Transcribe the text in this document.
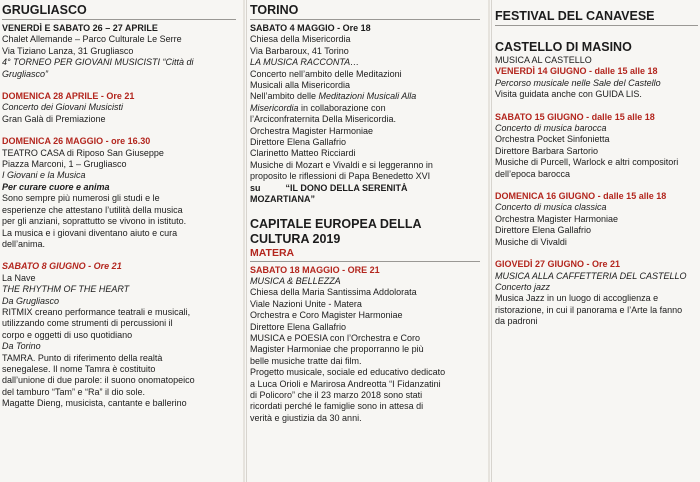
GRUGLIASCO
VENERDÌ E SABATO 26 – 27 APRILE
Chalet Allemande – Parco Culturale Le Serre
Via Tiziano Lanza, 31 Grugliasco
4° TORNEO PER GIOVANI MUSICISTI “Città di
Grugliasco”
DOMENICA 28 APRILE - Ore 21
Concerto dei Giovani Musicisti
Gran Galà di Premiazione
DOMENICA 26 MAGGIO - ore 16.30
TEATRO CASA di Riposo San Giuseppe
Piazza Marconi, 1 – Grugliasco
I Giovani e la Musica
Per curare cuore e anima
Sono sempre più numerosi gli studi e le
esperienze che attestano l’utilità della musica
per gli anziani, soprattutto se vivono in istituto.
La musica e i giovani diventano aiuto e cura
dell’anima.
SABATO 8 GIUGNO - Ore 21
La Nave
THE RHYTHM OF THE HEART
Da Grugliasco
RITMIX creano performance teatrali e musicali,
utilizzando come strumenti di percussioni il
corpo e oggetti di uso quotidiano
Da Torino
TAMRA. Punto di riferimento della realtà
senegalese. Il nome Tamra è costituito
dall’unione di due parole: il suono onomatopeico
del tamburo “Tam” e “Ra” il dio sole.
Magatte Dieng, musicista, cantante e ballerino
TORINO
SABATO 4 MAGGIO - Ore 18
Chiesa della Misericordia
Via Barbaroux, 41 Torino
LA MUSICA RACCONTA…
Concerto nell’ambito delle Meditazioni
Musicali alla Misericordia
Nell’ambito delle Meditazioni Musicali Alla
Misericordia in collaborazione con
l’Arciconfraternita Della Misericordia.
Orchestra Magister Harmoniae
Direttore Elena Gallafrio
Clarinetto Matteo Ricciardi
Musiche di Mozart e Vivaldi e si leggeranno in
proposito le riflessioni di Papa Benedetto XVI
su          “IL DONO DELLA SERENITÀ
MOZARTIANA”
CAPITALE EUROPEA DELLA
CULTURA 2019
MATERA
SABATO 18 MAGGIO - ORE 21
MUSICA & BELLEZZA
Chiesa della Maria Santissima Addolorata
Viale Nazioni Unite - Matera
Orchestra e Coro Magister Harmoniae
Direttore Elena Gallafrio
MUSICA e POESIA con l’Orchestra e Coro
Magister Harmoniae che proporranno le più
belle musiche tratte dai film.
Progetto musicale, sociale ed educativo dedicato
a Luca Orioli e Marirosa Andreotta “I Fidanzatini
di Policoro” che il 23 marzo 2018 sono stati
ricordati perché le famiglie sono in attesa di
verità e giustizia da 30 anni.
FESTIVAL DEL CANAVESE
CASTELLO DI MASINO
MUSICA AL CASTELLO
VENERDÌ 14 GIUGNO - dalle 15 alle 18
Percorso musicale nelle Sale del Castello
Visita guidata anche con GUIDA LIS.
SABATO 15 GIUGNO - dalle 15 alle 18
Concerto di musica barocca
Orchestra Pocket Sinfonietta
Direttore Barbara Sartorio
Musiche di Purcell, Warlock e altri compositori
dell’epoca barocca
DOMENICA 16 GIUGNO - dalle 15 alle 18
Concerto di musica classica
Orchestra Magister Harmoniae
Direttore Elena Gallafrio
Musiche di Vivaldi
GIOVEDÌ 27 GIUGNO - Ore 21
MUSICA ALLA CAFFETTERIA DEL CASTELLO
Concerto jazz
Musica Jazz in un luogo di accoglienza e
ristorazione, in cui il panorama e l’Arte la fanno
da padroni
